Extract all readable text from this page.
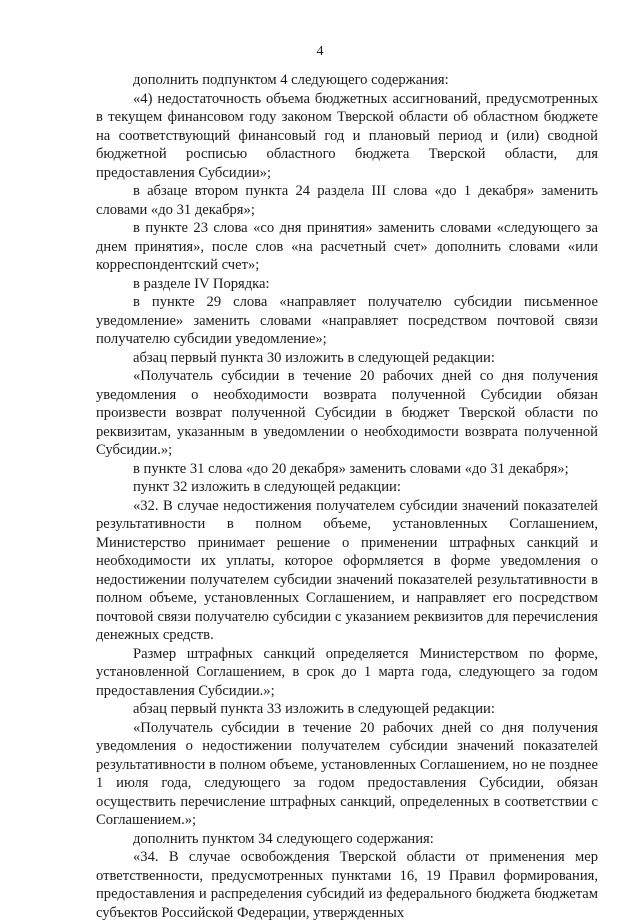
4

дополнить подпунктом 4 следующего содержания:

«4) недостаточность объема бюджетных ассигнований, предусмотренных в текущем финансовом году законом Тверской области об областном бюджете на соответствующий финансовый год и плановый период и (или) сводной бюджетной росписью областного бюджета Тверской области, для предоставления Субсидии»;

в абзаце втором пункта 24 раздела III слова «до 1 декабря» заменить словами «до 31 декабря»;

в пункте 23 слова «со дня принятия» заменить словами «следующего за днем принятия», после слов «на расчетный счет» дополнить словами «или корреспондентский счет»;

в разделе IV Порядка:

в пункте 29 слова «направляет получателю субсидии письменное уведомление» заменить словами «направляет посредством почтовой связи получателю субсидии уведомление»;

абзац первый пункта 30 изложить в следующей редакции:

«Получатель субсидии в течение 20 рабочих дней со дня получения уведомления о необходимости возврата полученной Субсидии обязан произвести возврат полученной Субсидии в бюджет Тверской области по реквизитам, указанным в уведомлении о необходимости возврата полученной Субсидии.»;

в пункте 31 слова «до 20 декабря» заменить словами «до 31 декабря»;

пункт 32 изложить в следующей редакции:

«32. В случае недостижения получателем субсидии значений показателей результативности в полном объеме, установленных Соглашением, Министерство принимает решение о применении штрафных санкций и необходимости их уплаты, которое оформляется в форме уведомления о недостижении получателем субсидии значений показателей результативности в полном объеме, установленных Соглашением, и направляет его посредством почтовой связи получателю субсидии с указанием реквизитов для перечисления денежных средств.

Размер штрафных санкций определяется Министерством по форме, установленной Соглашением, в срок до 1 марта года, следующего за годом предоставления Субсидии.»;

абзац первый пункта 33 изложить в следующей редакции:

«Получатель субсидии в течение 20 рабочих дней со дня получения уведомления о недостижении получателем субсидии значений показателей результативности в полном объеме, установленных Соглашением, но не позднее 1 июля года, следующего за годом предоставления Субсидии, обязан осуществить перечисление штрафных санкций, определенных в соответствии с Соглашением.»;

дополнить пунктом 34 следующего содержания:

«34. В случае освобождения Тверской области от применения мер ответственности, предусмотренных пунктами 16, 19 Правил формирования, предоставления и распределения субсидий из федерального бюджета бюджетам субъектов Российской Федерации, утвержденных
